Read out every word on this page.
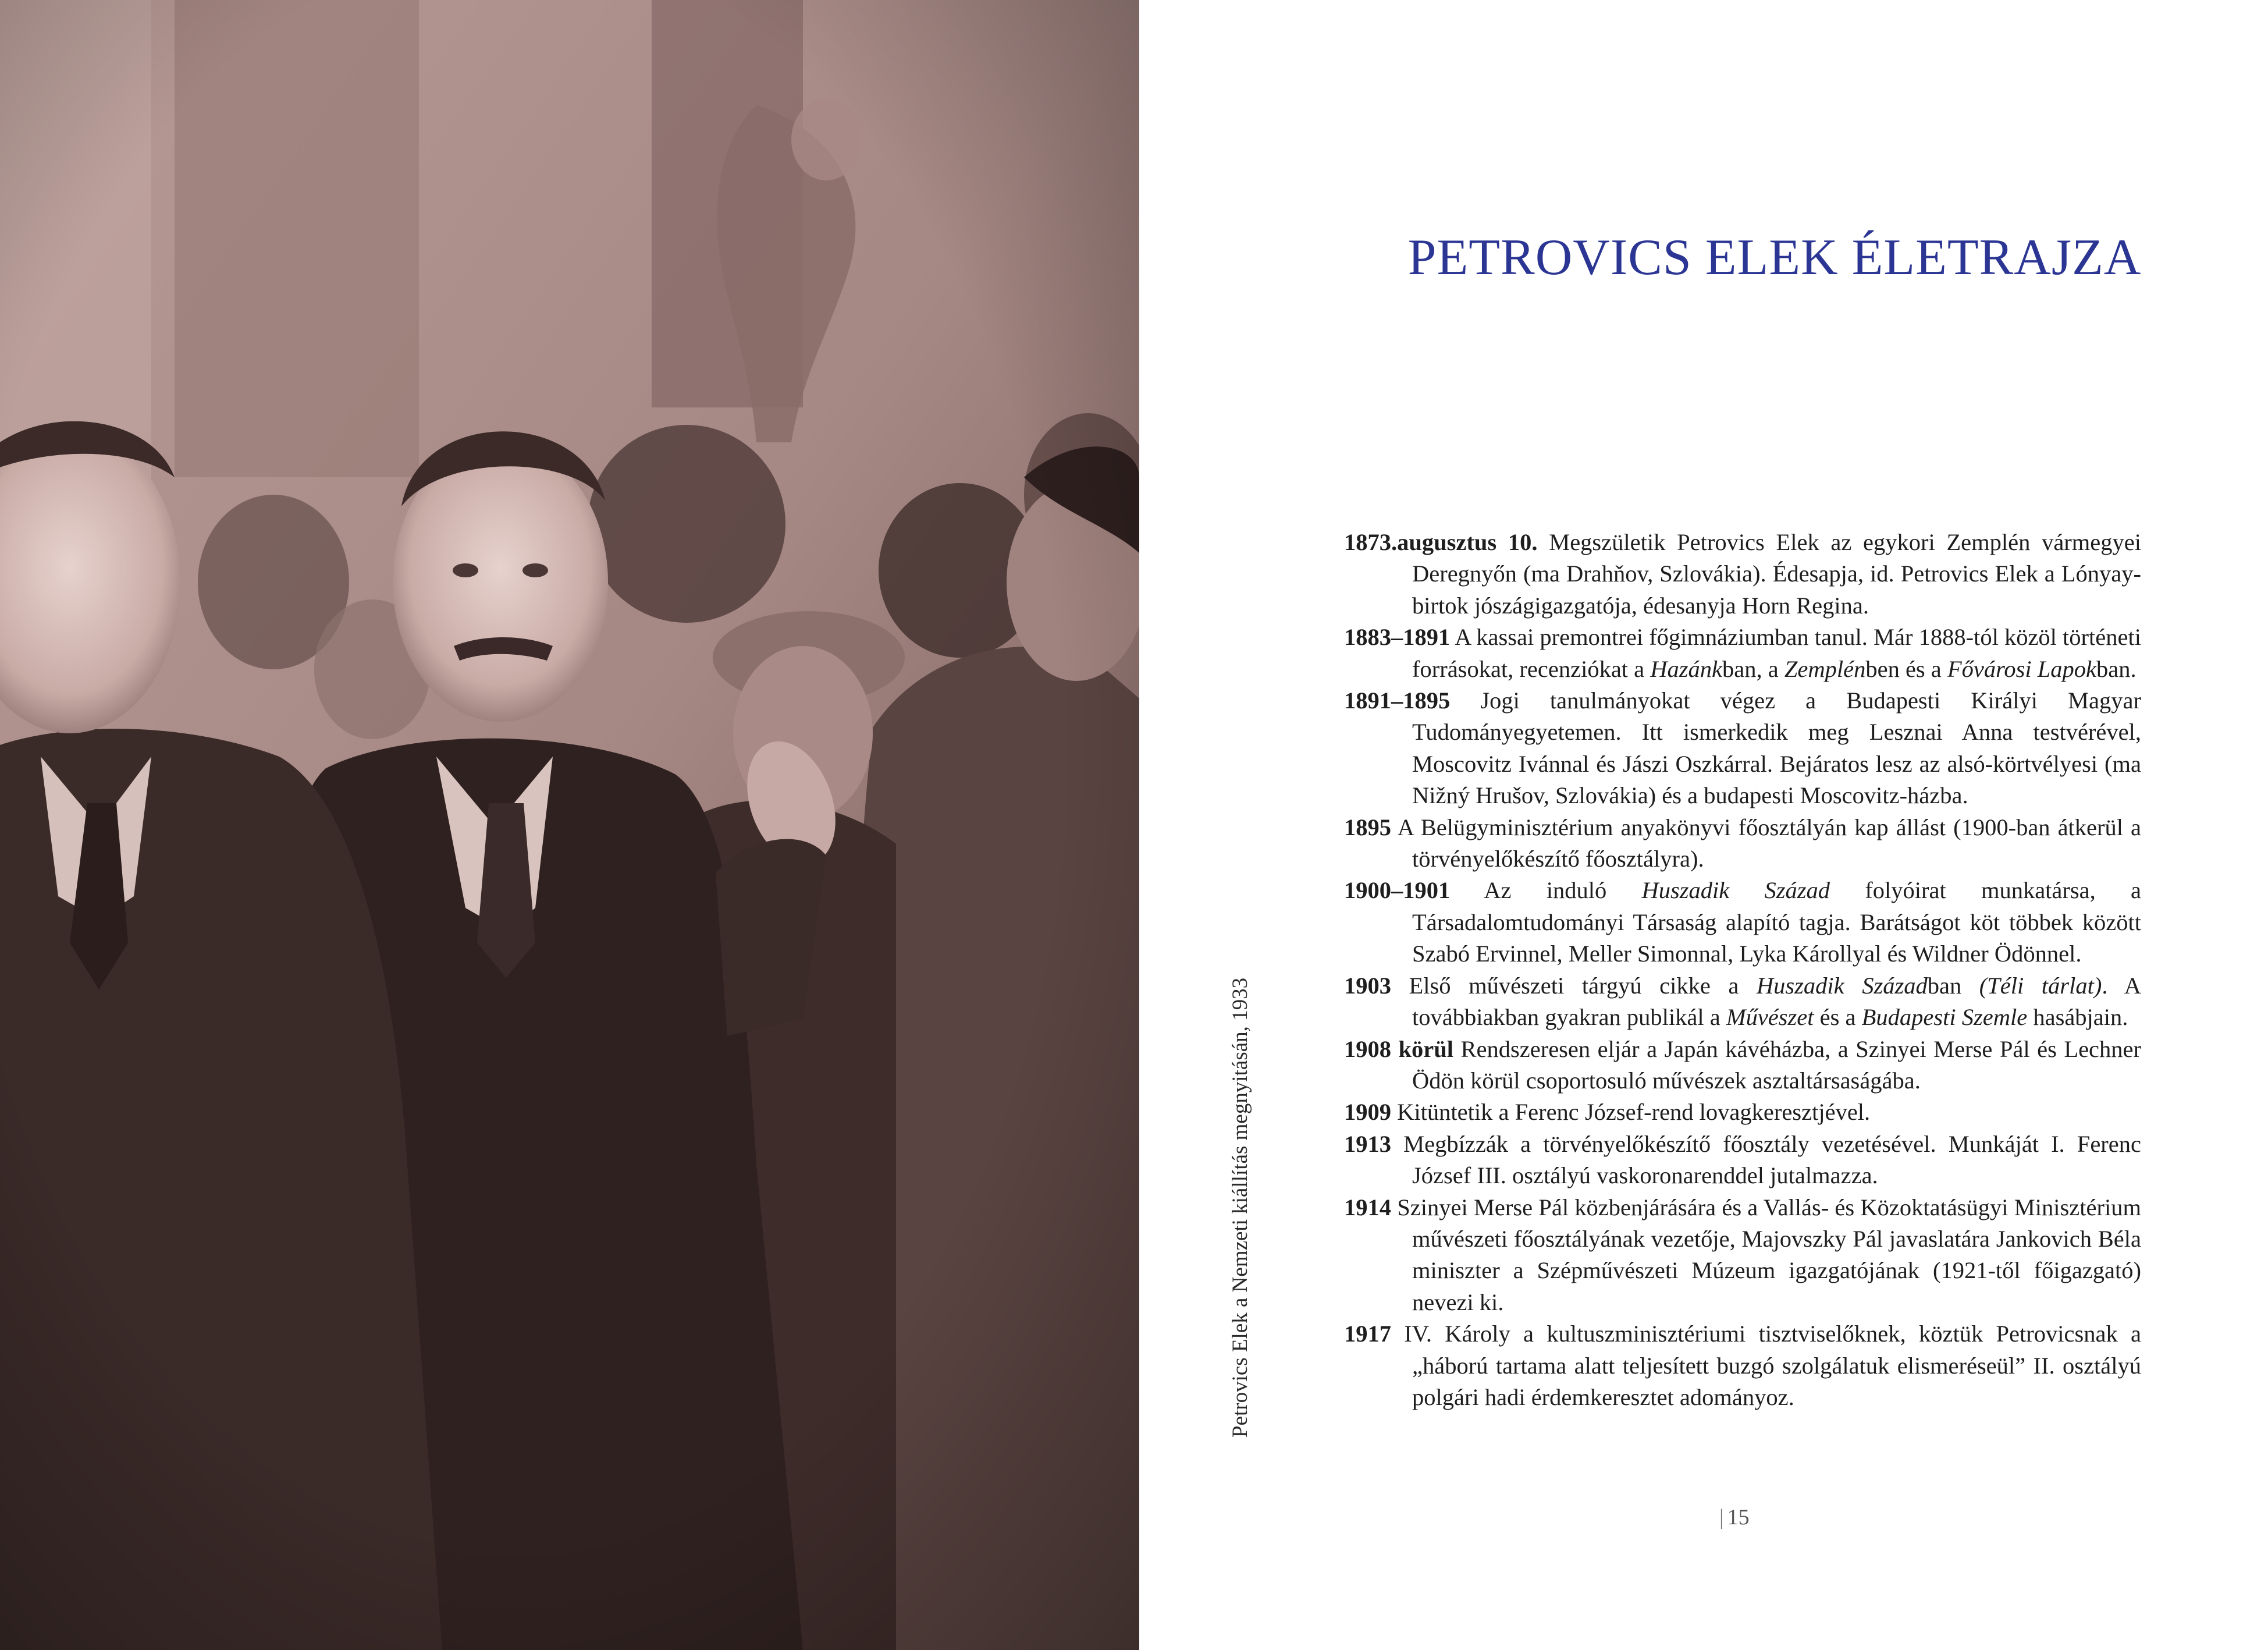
Petrovics Elek a Nemzeti kiállítás megnyitásán, 1933
PETROVICS ELEK ÉLETRAJZA

1873.augusztus 10. Megszületik Petrovics Elek az egykori Zemplén vármegyei Deregnyőn (ma Drahňov, Szlovákia). Édesapja, id. Petrovics Elek a Lónyay-birtok jószágigazgatója, édesanyja Horn Regina.

1883–1891 A kassai premontrei főgimnáziumban tanul. Már 1888-tól közöl történeti forrásokat, recenziókat a Hazánkban, a Zemplénben és a Fővárosi Lapokban.

1891–1895 Jogi tanulmányokat végez a Budapesti Királyi Magyar Tudományegyetemen. Itt ismerkedik meg Lesznai Anna testvérével, Moscovitz Ivánnal és Jászi Oszkárral. Bejáratos lesz az alsó-körtvélyesi (ma Nižný Hrušov, Szlovákia) és a budapesti Moscovitz-házba.

1895 A Belügyminisztérium anyakönyvi főosztályán kap állást (1900-ban átkerül a törvényelőkészítő főosztályra).

1900–1901 Az induló Huszadik Század folyóirat munkatársa, a Társadalomtudományi Társaság alapító tagja. Barátságot köt többek között Szabó Ervinnel, Meller Simonnal, Lyka Károllyal és Wildner Ödönnel.

1903 Első művészeti tárgyú cikke a Huszadik Században (Téli tárlat). A továbbiakban gyakran publikál a Művészet és a Budapesti Szemle hasábjain.

1908 körül Rendszeresen eljár a Japán kávéházba, a Szinyei Merse Pál és Lechner Ödön körül csoportosuló művészek asztaltársaságába.

1909 Kitüntetik a Ferenc József-rend lovagkeresztjével.

1913 Megbízzák a törvényelőkészítő főosztály vezetésével. Munkáját I. Ferenc József III. osztályú vaskoronarenddel jutalmazza.

1914 Szinyei Merse Pál közbenjárására és a Vallás- és Közoktatásügyi Minisztérium művészeti főosztályának vezetője, Majovszky Pál javaslatára Jankovich Béla miniszter a Szépművészeti Múzeum igazgatójának (1921-től főigazgató) nevezi ki.

1917 IV. Károly a kultuszminisztériumi tisztviselőknek, köztük Petrovicsnak a „háború tartama alatt teljesített buzgó szolgálatuk elismeréseül” II. osztályú polgári hadi érdemkeresztet adományoz.

| 15
